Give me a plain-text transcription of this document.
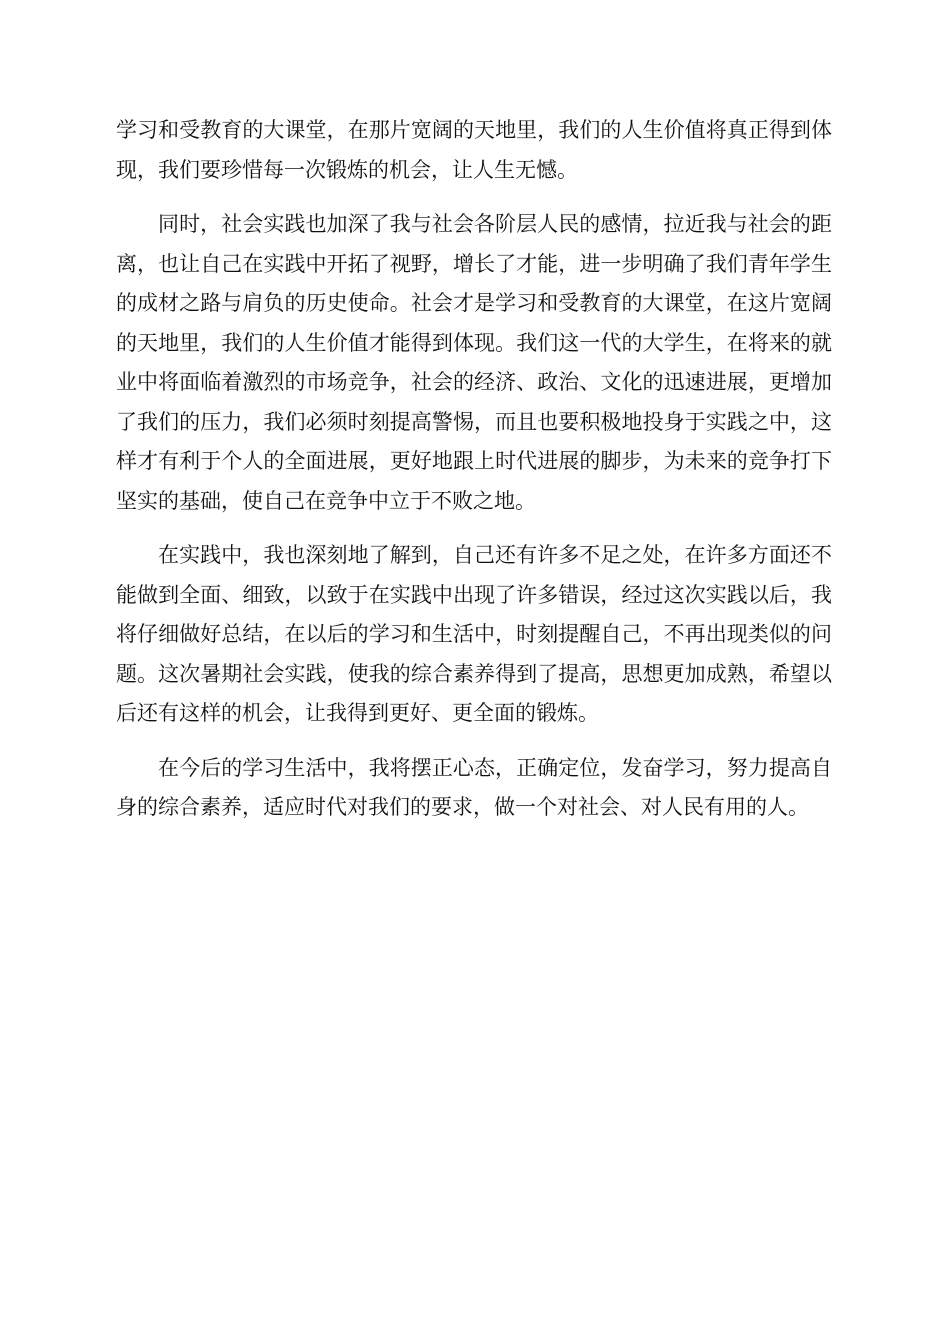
学习和受教育的大课堂，在那片宽阔的天地里，我们的人生价值将真正得到体现，我们要珍惜每一次锻炼的机会，让人生无憾。

同时，社会实践也加深了我与社会各阶层人民的感情，拉近我与社会的距离，也让自己在实践中开拓了视野，增长了才能，进一步明确了我们青年学生的成材之路与肩负的历史使命。社会才是学习和受教育的大课堂，在这片宽阔的天地里，我们的人生价值才能得到体现。我们这一代的大学生，在将来的就业中将面临着激烈的市场竞争，社会的经济、政治、文化的迅速进展，更增加了我们的压力，我们必须时刻提高警惕，而且也要积极地投身于实践之中，这样才有利于个人的全面进展，更好地跟上时代进展的脚步，为未来的竞争打下坚实的基础，使自己在竞争中立于不败之地。

在实践中，我也深刻地了解到，自己还有许多不足之处，在许多方面还不能做到全面、细致，以致于在实践中出现了许多错误，经过这次实践以后，我将仔细做好总结，在以后的学习和生活中，时刻提醒自己，不再出现类似的问题。这次暑期社会实践，使我的综合素养得到了提高，思想更加成熟，希望以后还有这样的机会，让我得到更好、更全面的锻炼。

在今后的学习生活中，我将摆正心态，正确定位，发奋学习，努力提高自身的综合素养，适应时代对我们的要求，做一个对社会、对人民有用的人。
